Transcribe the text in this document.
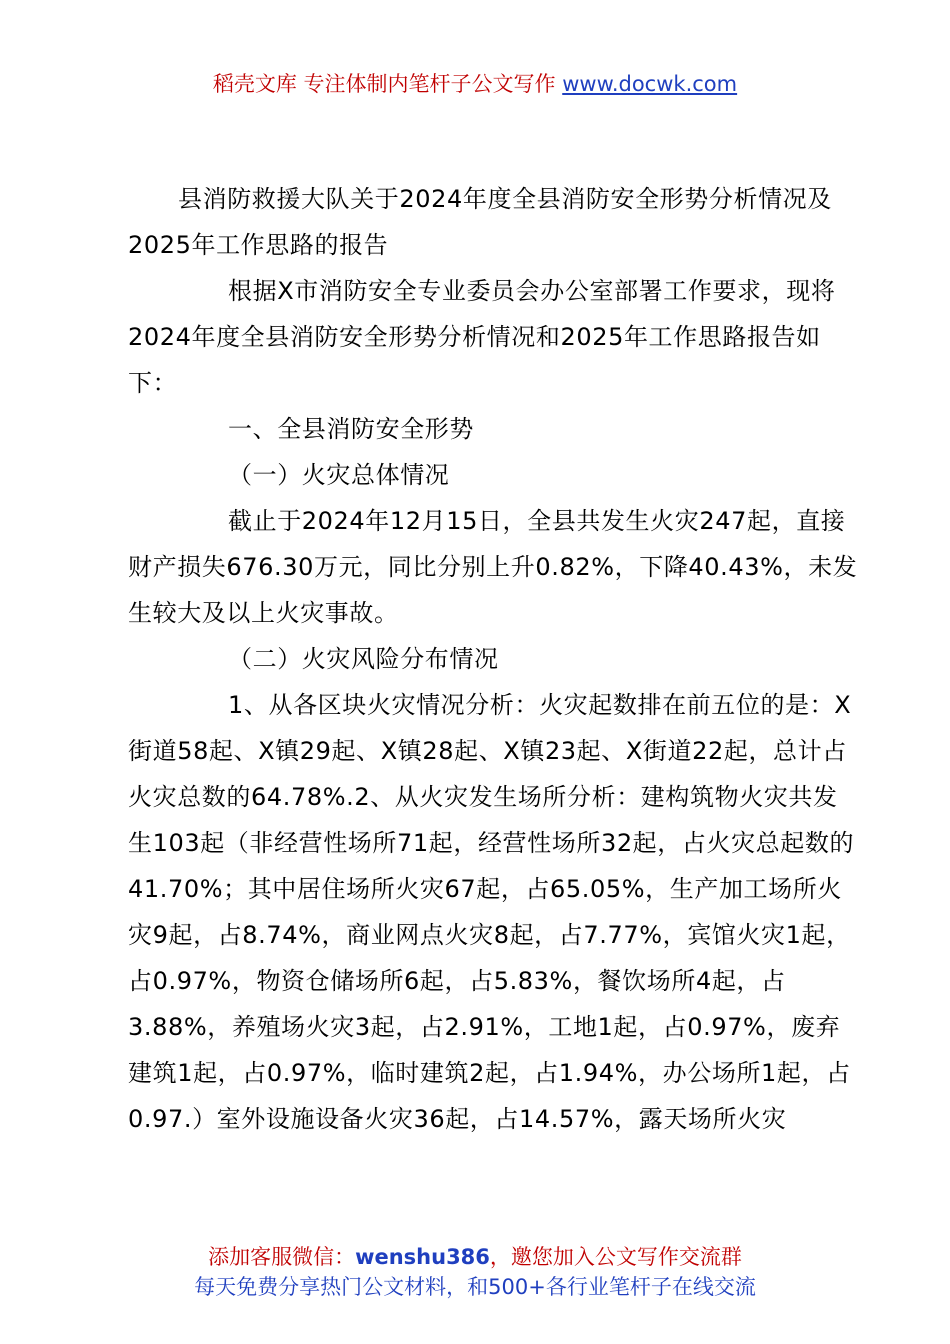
稻壳文库 专注体制内笔杆子公文写作 www.docwk.com

县消防救援大队关于2024年度全县消防安全形势分析情况及2025年工作思路的报告

根据X市消防安全专业委员会办公室部署工作要求，现将2024年度全县消防安全形势分析情况和2025年工作思路报告如下：

一、全县消防安全形势

（一）火灾总体情况

截止于2024年12月15日，全县共发生火灾247起，直接财产损失676.30万元，同比分别上升0.82%，下降40.43%，未发生较大及以上火灾事故。

（二）火灾风险分布情况

1、从各区块火灾情况分析：火灾起数排在前五位的是：X街道58起、X镇29起、X镇28起、X镇23起、X街道22起，总计占火灾总数的64.78%.2、从火灾发生场所分析：建构筑物火灾共发生103起（非经营性场所71起，经营性场所32起，占火灾总起数的41.70%；其中居住场所火灾67起，占65.05%，生产加工场所火灾9起，占8.74%，商业网点火灾8起，占7.77%，宾馆火灾1起，占0.97%，物资仓储场所6起，占5.83%，餐饮场所4起，占3.88%，养殖场火灾3起，占2.91%，工地1起，占0.97%，废弃建筑1起，占0.97%，临时建筑2起，占1.94%，办公场所1起，占0.97.）室外设施设备火灾36起，占14.57%，露天场所火灾

添加客服微信：wenshu386，邀您加入公文写作交流群
每天免费分享热门公文材料，和500+各行业笔杆子在线交流
